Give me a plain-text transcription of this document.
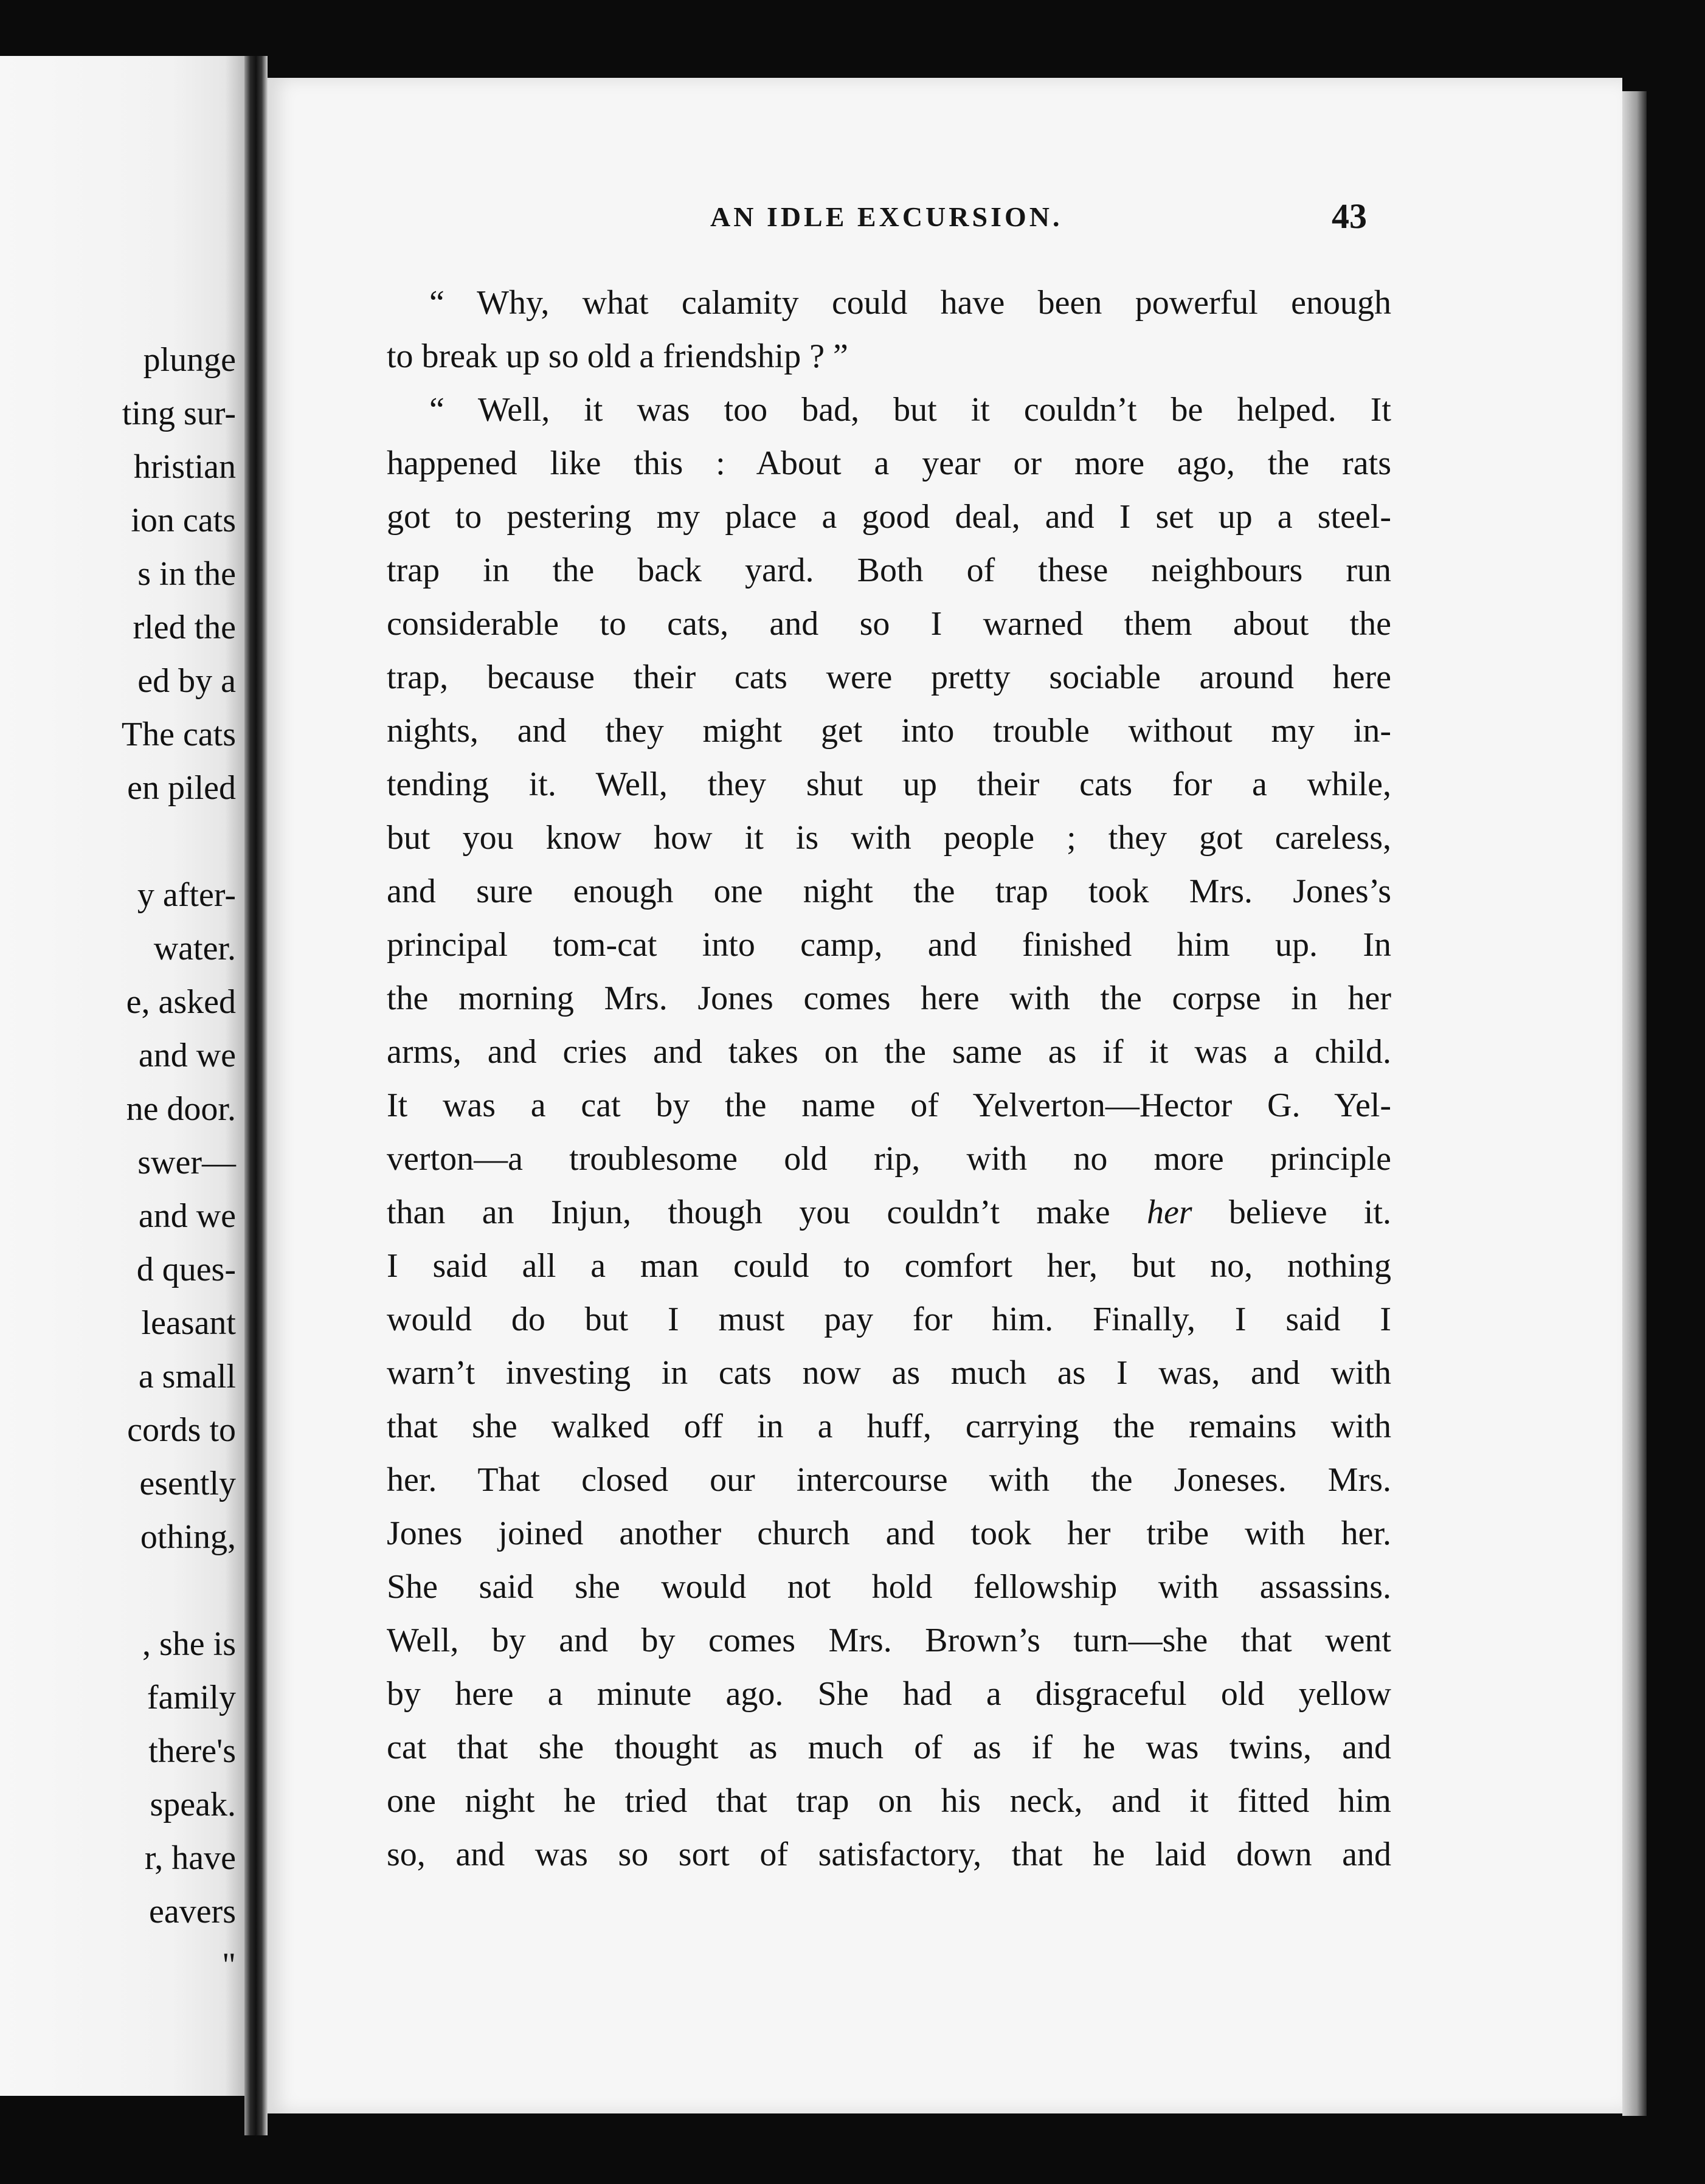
plunge
ting sur-
hristian
ion cats
s in the
rled the
ed by a
The cats
en piled
y after-
water.
e, asked
and we
ne door.
swer—
and we
d ques-
leasant
a small
cords to
esently
othing,
, she is
family
there's
speak.
r, have
eavers
"
AN IDLE EXCURSION.	43
“ Why, what calamity could have been powerful enough
to break up so old a friendship ? ”
“ Well, it was too bad, but it couldn’t be helped. It
happened like this : About a year or more ago, the rats
got to pestering my place a good deal, and I set up a steel-
trap in the back yard. Both of these neighbours run
considerable to cats, and so I warned them about the
trap, because their cats were pretty sociable around here
nights, and they might get into trouble without my in-
tending it. Well, they shut up their cats for a while,
but you know how it is with people ; they got careless,
and sure enough one night the trap took Mrs. Jones’s
principal tom-cat into camp, and finished him up. In
the morning Mrs. Jones comes here with the corpse in her
arms, and cries and takes on the same as if it was a child.
It was a cat by the name of Yelverton—Hector G. Yel-
verton—a troublesome old rip, with no more principle
than an Injun, though you couldn’t make her believe it.
I said all a man could to comfort her, but no, nothing
would do but I must pay for him. Finally, I said I
warn’t investing in cats now as much as I was, and with
that she walked off in a huff, carrying the remains with
her. That closed our intercourse with the Joneses. Mrs.
Jones joined another church and took her tribe with her.
She said she would not hold fellowship with assassins.
Well, by and by comes Mrs. Brown’s turn—she that went
by here a minute ago. She had a disgraceful old yellow
cat that she thought as much of as if he was twins, and
one night he tried that trap on his neck, and it fitted him
so, and was so sort of satisfactory, that he laid down and
